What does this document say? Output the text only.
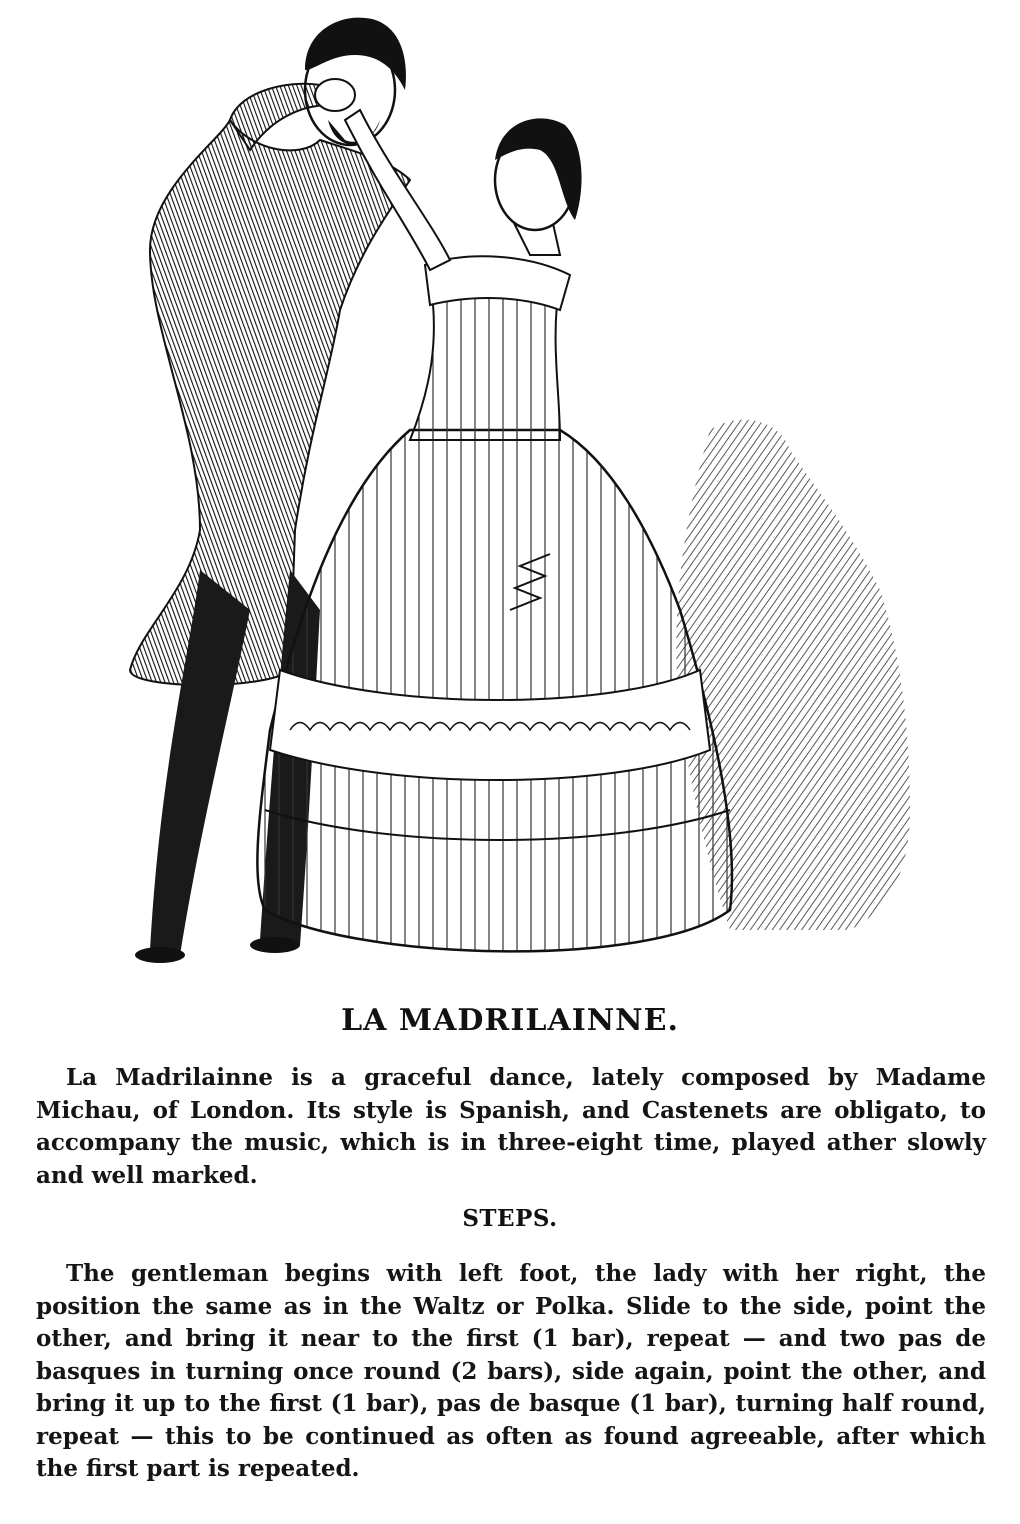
LA MADRILAINNE.
La Madrilainne is a graceful dance, lately composed by Madame Michau, of London. Its style is Spanish, and Castenets are obligato, to accompany the music, which is in three-eight time, played ather slowly and well marked.
STEPS.
The gentleman begins with left foot, the lady with her right, the position the same as in the Waltz or Polka. Slide to the side, point the other, and bring it near to the first (1 bar), repeat — and two pas de basques in turning once round (2 bars), side again, point the other, and bring it up to the first (1 bar), pas de basque (1 bar), turning half round, repeat — this to be continued as often as found agreeable, after which the first part is repeated.
